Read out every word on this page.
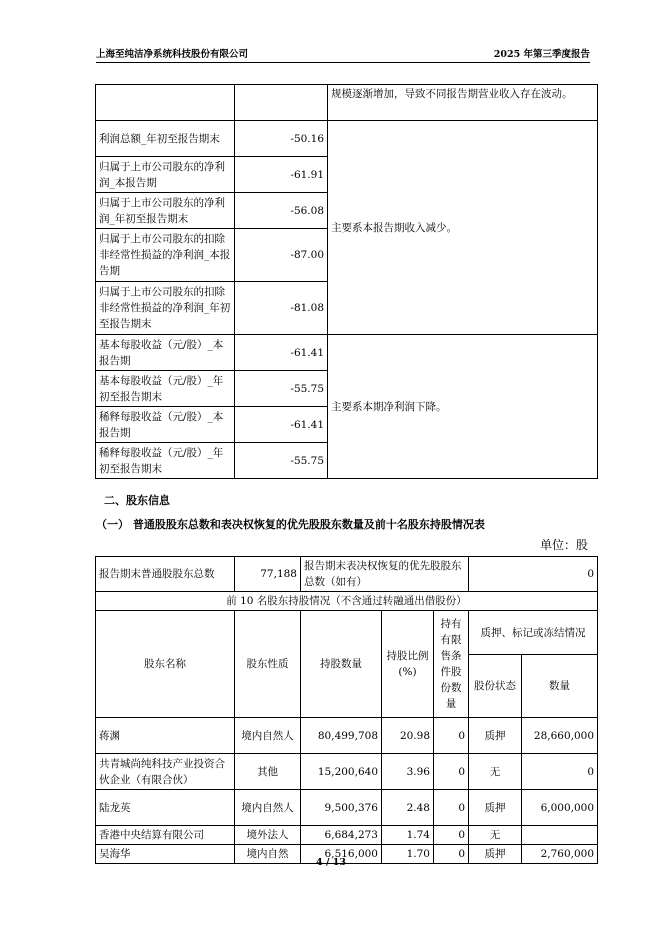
上海至纯洁净系统科技股份有限公司	2025 年第三季度报告
		规模逐渐增加，导致不同报告期营业收入存在波动。
利润总额_年初至报告期末	-50.16	主要系本报告期收入减少。
归属于上市公司股东的净利润_本报告期	-61.91	
归属于上市公司股东的净利润_年初至报告期末	-56.08	
归属于上市公司股东的扣除非经常性损益的净利润_本报告期	-87.00	
归属于上市公司股东的扣除非经常性损益的净利润_年初至报告期末	-81.08	
基本每股收益（元/股）_本报告期	-61.41	主要系本期净利润下降。
基本每股收益（元/股）_年初至报告期末	-55.75	
稀释每股收益（元/股）_本报告期	-61.41	
稀释每股收益（元/股）_年初至报告期末	-55.75	
二、股东信息
（一） 普通股股东总数和表决权恢复的优先股股东数量及前十名股东持股情况表
单位：股
报告期末普通股股东总数	77,188	报告期末表决权恢复的优先股股东总数（如有）			0	
前 10 名股东持股情况（不含通过转融通出借股份）						
股东名称	股东性质	持股数量	持股比例(%)	持有有限售条件股份数量	质押、标记或冻结情况	
					股份状态	数量
蒋渊	境内自然人	80,499,708	20.98	0	质押	28,660,000
共青城尚纯科技产业投资合伙企业（有限合伙）	其他	15,200,640	3.96	0	无	0
陆龙英	境内自然人	9,500,376	2.48	0	质押	6,000,000
香港中央结算有限公司	境外法人	6,684,273	1.74	0	无	
吴海华	境内自然	6,516,000	1.70	0	质押	2,760,000
4 / 13
